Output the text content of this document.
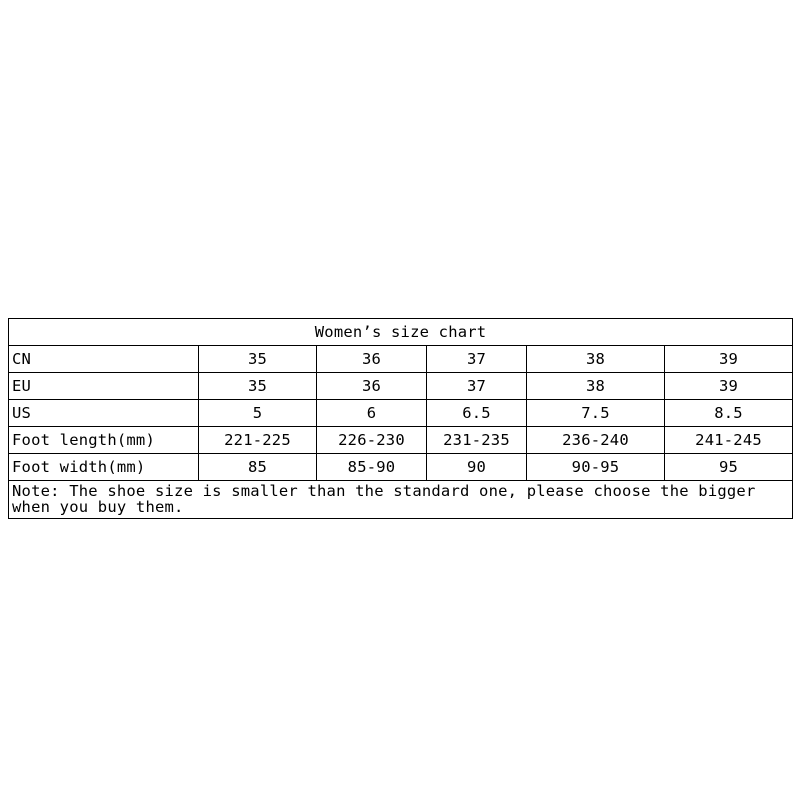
Women’s size chart					
CN	35	36	37	38	39
EU	35	36	37	38	39
US	5	6	6.5	7.5	8.5
Foot length(mm)	221-225	226-230	231-235	236-240	241-245
Foot width(mm)	85	85-90	90	90-95	95
Note: The shoe size is smaller than the standard one, please choose the bigger when you buy them.					
